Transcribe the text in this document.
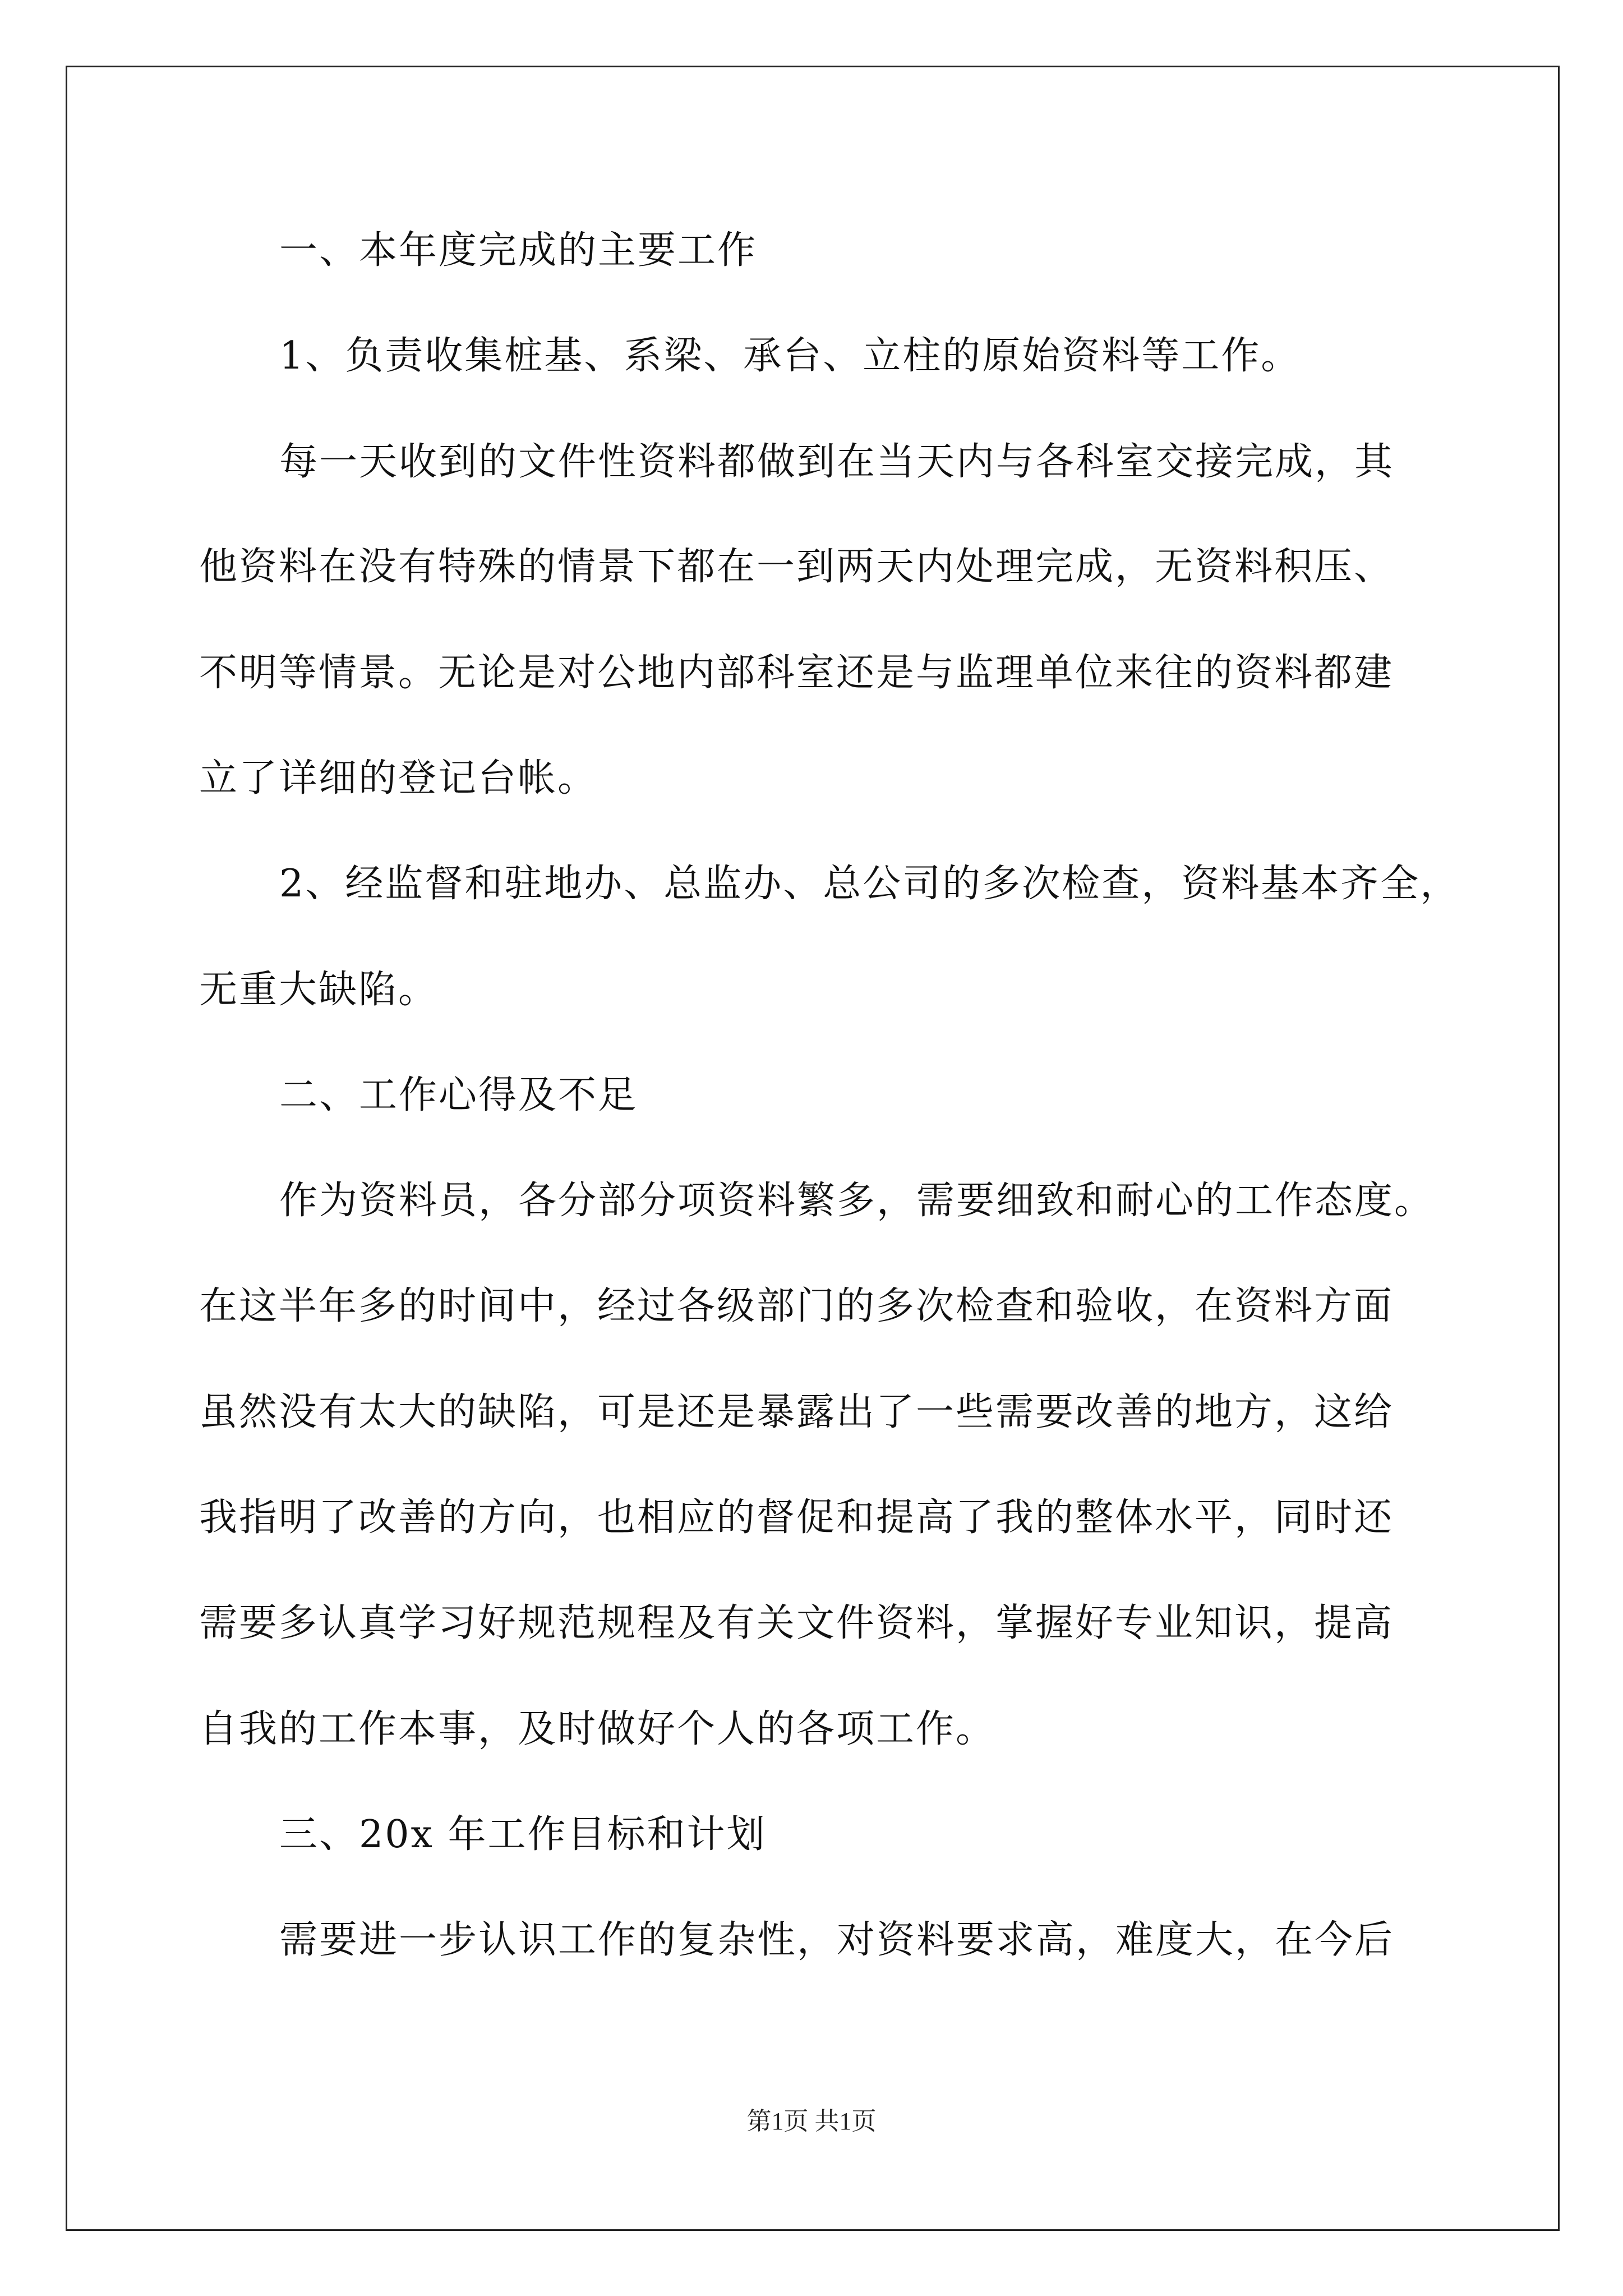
一、本年度完成的主要工作

1、负责收集桩基、系梁、承台、立柱的原始资料等工作。

每一天收到的文件性资料都做到在当天内与各科室交接完成，其

他资料在没有特殊的情景下都在一到两天内处理完成，无资料积压、

不明等情景。无论是对公地内部科室还是与监理单位来往的资料都建

立了详细的登记台帐。

2、经监督和驻地办、总监办、总公司的多次检查，资料基本齐全，

无重大缺陷。

二、工作心得及不足

作为资料员，各分部分项资料繁多，需要细致和耐心的工作态度。

在这半年多的时间中，经过各级部门的多次检查和验收，在资料方面

虽然没有太大的缺陷，可是还是暴露出了一些需要改善的地方，这给

我指明了改善的方向，也相应的督促和提高了我的整体水平，同时还

需要多认真学习好规范规程及有关文件资料，掌握好专业知识，提高

自我的工作本事，及时做好个人的各项工作。

三、20x 年工作目标和计划

需要进一步认识工作的复杂性，对资料要求高，难度大，在今后

第1页 共1页
